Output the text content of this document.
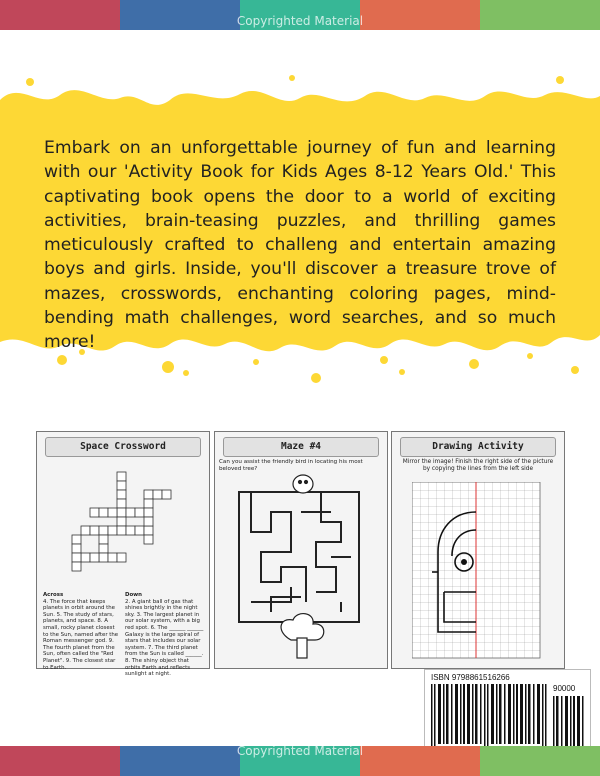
Copyrighted Material
Embark on an unforgettable journey of fun and learning with our 'Activity Book for Kids Ages 8-12 Years Old.' This captivating book opens the door to a world of exciting activities, brain-teasing puzzles, and thrilling games meticulously crafted to challeng and entertain amazing boys and girls. Inside, you'll discover a treasure trove of mazes, crosswords, enchanting coloring pages, mind-bending math challenges, word searches, and so much more!
Space Crossword
Across
4. The force that keeps planets in orbit around the Sun. 5. The study of stars, planets, and space. 8. A small, rocky planet closest to the Sun, named after the Roman messenger god. 9. The fourth planet from the Sun, often called the "Red Planet". 9. The closest star to Earth.
Down
2. A giant ball of gas that shines brightly in the night sky. 3. The largest planet in our solar system, with a big red spot. 6. The ______ ______ Galaxy is the large spiral of stars that includes our solar system. 7. The third planet from the Sun is called ______. 8. The shiny object that orbits Earth and reflects sunlight at night.
Maze #4
Can you assist the friendly bird in locating his most beloved tree?
Drawing Activity
Mirror the image! Finish the right side of the picture by copying the lines from the left side
ISBN 9798861516266
90000
Copyrighted Material
